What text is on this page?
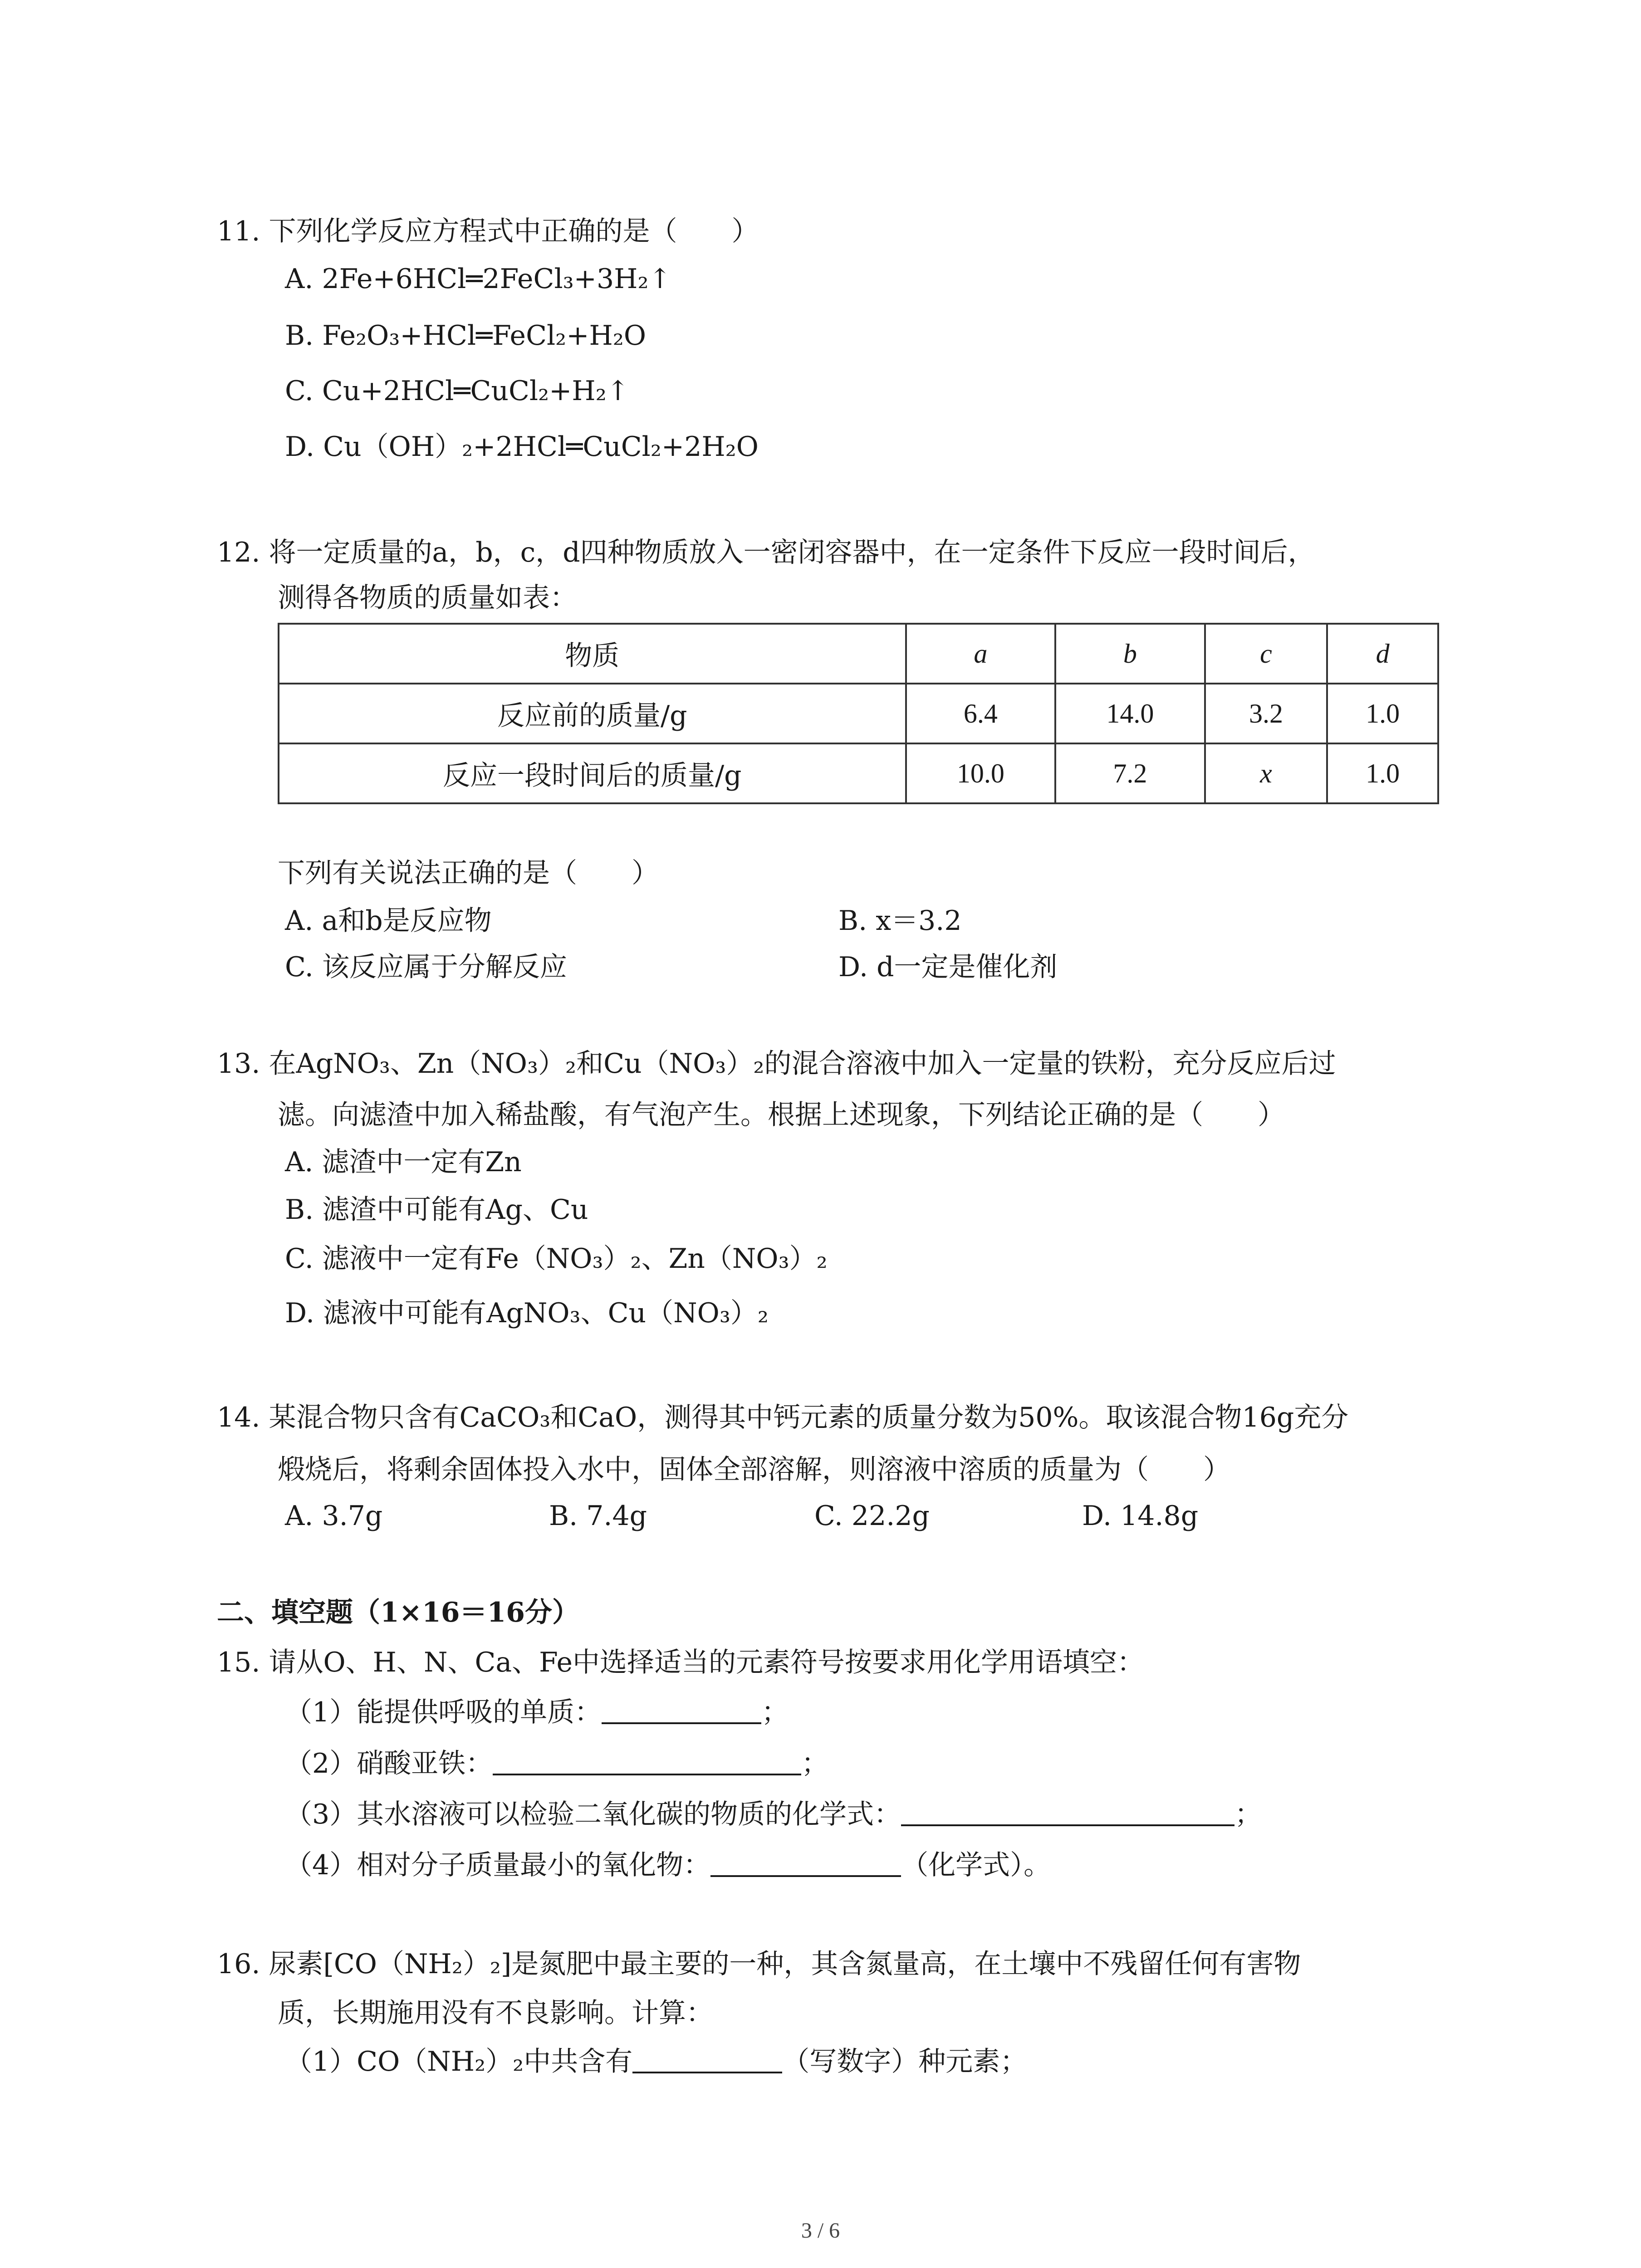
11. 下列化学反应方程式中正确的是（　　）
A. 2Fe+6HCl═2FeCl₃+3H₂↑
B. Fe₂O₃+HCl═FeCl₂+H₂O
C. Cu+2HCl═CuCl₂+H₂↑
D. Cu（OH）₂+2HCl═CuCl₂+2H₂O
12. 将一定质量的a，b，c，d四种物质放入一密闭容器中，在一定条件下反应一段时间后，
测得各物质的质量如表：
物质	a	b	c	d
反应前的质量/g	6.4	14.0	3.2	1.0
反应一段时间后的质量/g	10.0	7.2	x	1.0
下列有关说法正确的是（　　）
A. a和b是反应物	B. x＝3.2
C. 该反应属于分解反应	D. d一定是催化剂
13. 在AgNO₃、Zn（NO₃）₂和Cu（NO₃）₂的混合溶液中加入一定量的铁粉，充分反应后过
滤。向滤渣中加入稀盐酸，有气泡产生。根据上述现象，下列结论正确的是（　　）
A. 滤渣中一定有Zn
B. 滤渣中可能有Ag、Cu
C. 滤液中一定有Fe（NO₃）₂、Zn（NO₃）₂
D. 滤液中可能有AgNO₃、Cu（NO₃）₂
14. 某混合物只含有CaCO₃和CaO，测得其中钙元素的质量分数为50%。取该混合物16g充分
煅烧后，将剩余固体投入水中，固体全部溶解，则溶液中溶质的质量为（　　）
A. 3.7g	B. 7.4g	C. 22.2g	D. 14.8g
二、填空题（1×16＝16分）
15. 请从O、H、N、Ca、Fe中选择适当的元素符号按要求用化学用语填空：
（1）能提供呼吸的单质：	；
（2）硝酸亚铁：	；
（3）其水溶液可以检验二氧化碳的物质的化学式：	；
（4）相对分子质量最小的氧化物：	（化学式）。
16. 尿素[CO（NH₂）₂]是氮肥中最主要的一种，其含氮量高，在土壤中不残留任何有害物
质，长期施用没有不良影响。计算：
（1）CO（NH₂）₂中共含有	（写数字）种元素；
3 / 6
